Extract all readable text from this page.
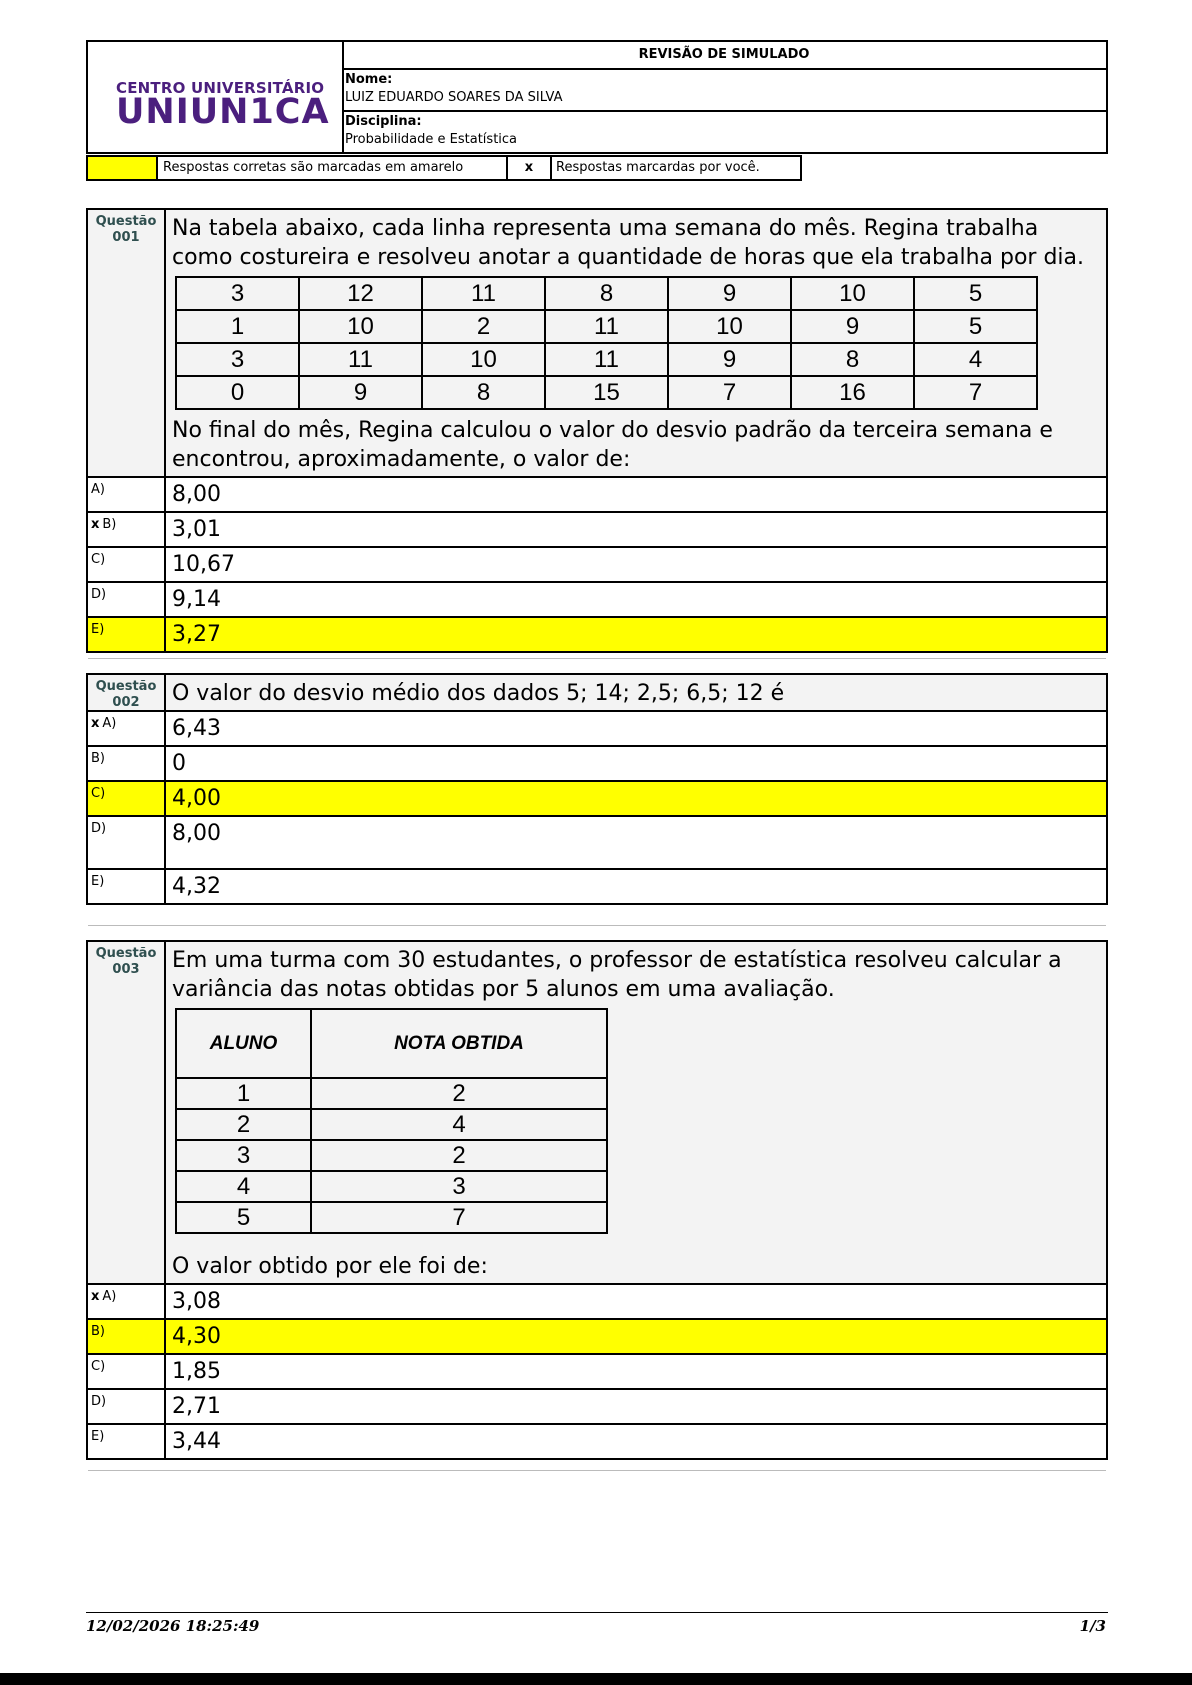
CENTRO UNIVERSITÁRIO
UNIUN1CA
REVISÃO DE SIMULADO
Nome:
LUIZ EDUARDO SOARES DA SILVA
Disciplina:
Probabilidade e Estatística
Respostas corretas são marcadas em amarelo	x	Respostas marcardas por você.
Questão
001	Na tabela abaixo, cada linha representa uma semana do mês. Regina trabalha como costureira e resolveu anotar a quantidade de horas que ela trabalha por dia.
3	12	11	8	9	10	5
1	10	2	11	10	9	5
3	11	10	11	9	8	4
0	9	8	15	7	16	7
No final do mês, Regina calculou o valor do desvio padrão da terceira semana e encontrou, aproximadamente, o valor de:
A)	8,00
x B)	3,01
C)	10,67
D)	9,14
E)	3,27
Questão
002	O valor do desvio médio dos dados 5; 14; 2,5; 6,5; 12 é
x A)	6,43
B)	0
C)	4,00
D)	8,00
E)	4,32
Questão
003	Em uma turma com 30 estudantes, o professor de estatística resolveu calcular a variância das notas obtidas por 5 alunos em uma avaliação.
ALUNO	NOTA OBTIDA
1	2
2	4
3	2
4	3
5	7
O valor obtido por ele foi de:
x A)	3,08
B)	4,30
C)	1,85
D)	2,71
E)	3,44
12/02/2026 18:25:49	1/3
